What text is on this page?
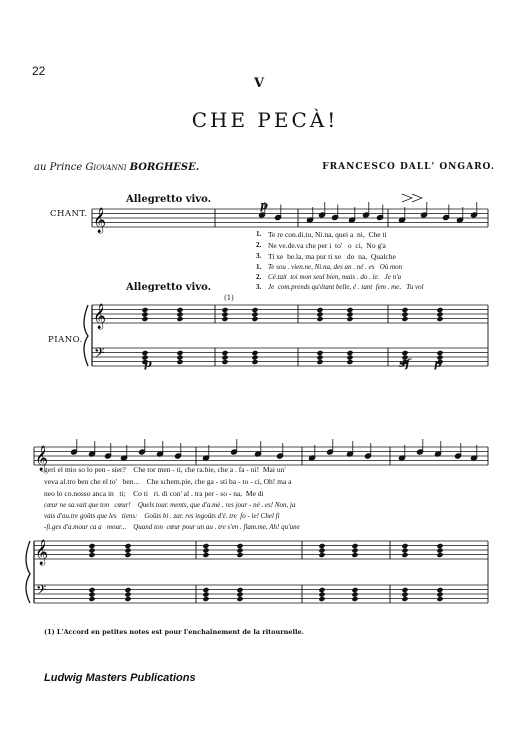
22
V
CHE PECÀ!
au Prince Giovanni BORGHESE.	FRANCESCO DALL' ONGARO.
Allegretto vivo.
Allegretto vivo.
CHANT.
PIANO.
𝄞
𝄞
𝄢
𝄞
𝄞
𝄢
1. Te re con.di.tu, Ni.na, quei a  ni,  Che ti
2. Ne ve.de.va che per i  to'   o  ci,  No g'a
3. Ti xe  be.la, ma pur ti xe   do  na,  Qualche
1. Te sou . vien.ne, Ni.na, des an . né . es   Où mon
2. Cé.tait  toi mon seul bien, mais . do . le.   Je n'a
3. Je  com.prends qu'étant belle, é . tant  fem . me,   Tu vol
geri el mio so lo pen - sier?    Che tor men - ti, che ra.bie, che a . fa - ni!  Mai un'
veva al.tro ben che el to'   ben...    Che schem.pie, che ga - sti ba - to - ci, Oh! ma a
neo lo co.nosso anca in   ti;    Co ti   ri. di con' al . tra per - so - na,  Me di
cœur ne sa.vait que ton   cœur!    Quels tour. ments, que d'a.mè . res jour - né . es! Non, ja
vais d'au.tre goûts que les   tiens:    Goûts bi . zar. res ingoûts d'é. tre  fo - le! Chel fi
-fi.ges d'a.mour ca a   mour...    Quand ton  cœur pour un au . tre s'en . flam.me, Ah! qu'une
p
p	sf p
(1)
(1) L'Accord en petites notes est pour l'enchaînement de la ritournelle.
Ludwig Masters Publications
